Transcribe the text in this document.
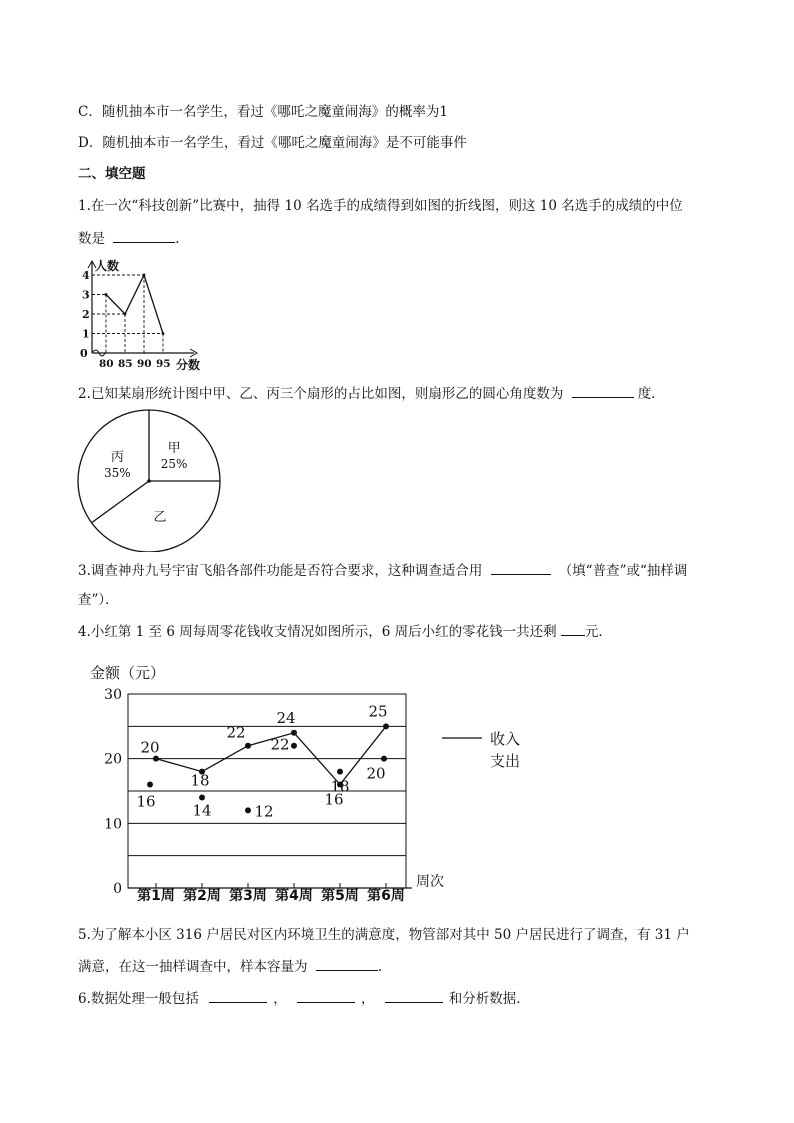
C．随机抽本市一名学生，看过《哪吒之魔童闹海》的概率为1
D．随机抽本市一名学生，看过《哪吒之魔童闹海》是不可能事件
二、填空题
1.在一次“科技创新”比赛中，抽得 10 名选手的成绩得到如图的折线图，则这 10 名选手的成绩的中位
数是	.
人数
分数
0
1
2
3
4
80 85 90 95
2.已知某扇形统计图中甲、乙、丙三个扇形的占比如图，则扇形乙的圆心角度数为	度．
甲
25%
乙
丙
35%
3.调查神舟九号宇宙飞船各部件功能是否符合要求，这种调查适合用	（填“普查”或“抽样调
查”）．
4.小红第 1 至 6 周每周零花钱收支情况如图所示，6 周后小红的零花钱一共还剩 元．
金额（元）
周次
0
10
20
30
第1周 第2周 第3周 第4周 第5周 第6周
20
18
22
24
16
25
16 14	12
22
18
20
收入
支出
5.为了解本小区 316 户居民对区内环境卫生的满意度，物管部对其中 50 户居民进行了调查，有 31 户
满意，在这一抽样调查中，样本容量为	.
6.数据处理一般包括	，	，	和分析数据．
